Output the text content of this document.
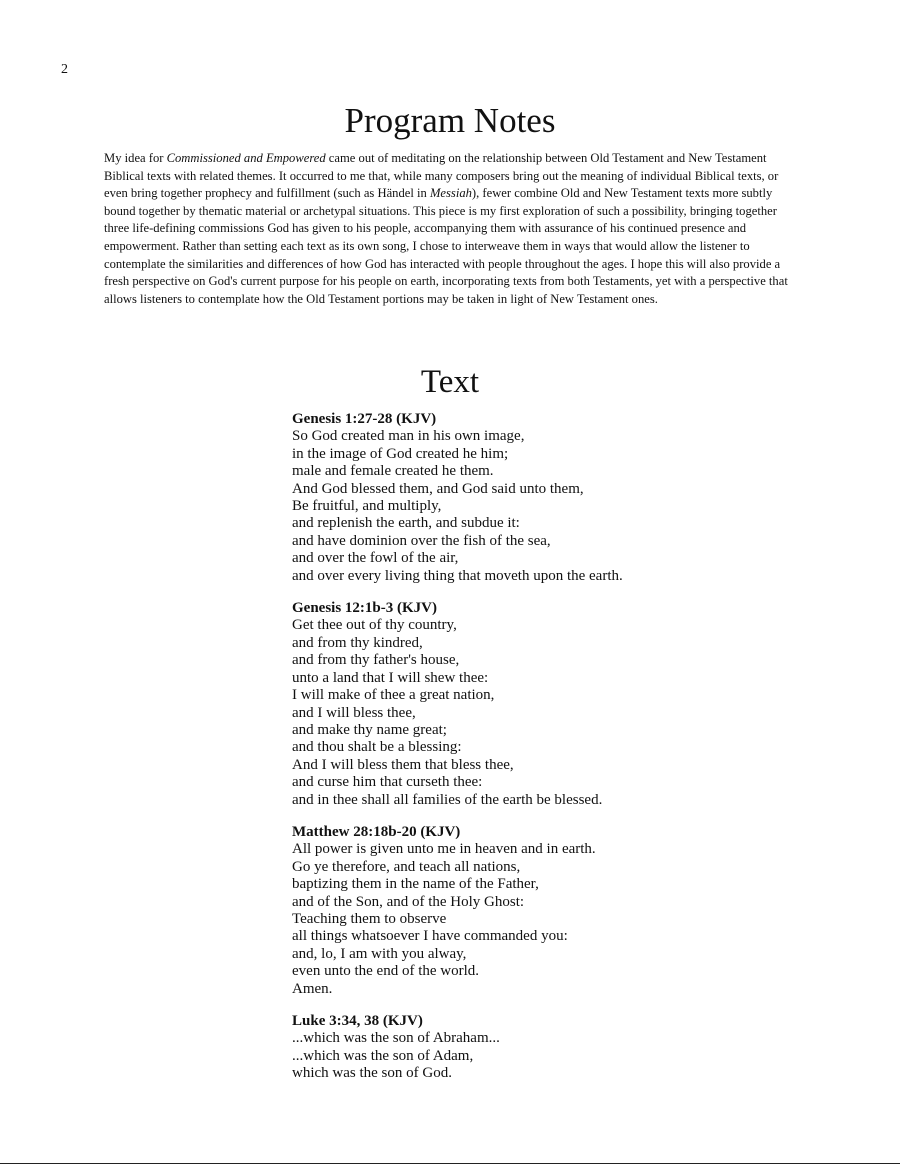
2
Program Notes

My idea for Commissioned and Empowered came out of meditating on the relationship between Old Testament and New Testament Biblical texts with related themes. It occurred to me that, while many composers bring out the meaning of individual Biblical texts, or even bring together prophecy and fulfillment (such as Händel in Messiah), fewer combine Old and New Testament texts more subtly bound together by thematic material or archetypal situations. This piece is my first exploration of such a possibility, bringing together three life-defining commissions God has given to his people, accompanying them with assurance of his continued presence and empowerment. Rather than setting each text as its own song, I chose to interweave them in ways that would allow the listener to contemplate the similarities and differences of how God has interacted with people throughout the ages. I hope this will also provide a fresh perspective on God's current purpose for his people on earth, incorporating texts from both Testaments, yet with a perspective that allows listeners to contemplate how the Old Testament portions may be taken in light of New Testament ones.

Text
Genesis 1:27-28 (KJV)
So God created man in his own image,
in the image of God created he him;
male and female created he them.
And God blessed them, and God said unto them,
Be fruitful, and multiply,
and replenish the earth, and subdue it:
and have dominion over the fish of the sea,
and over the fowl of the air,
and over every living thing that moveth upon the earth.
Genesis 12:1b-3 (KJV)
Get thee out of thy country,
and from thy kindred,
and from thy father's house,
unto a land that I will shew thee:
I will make of thee a great nation,
and I will bless thee,
and make thy name great;
and thou shalt be a blessing:
And I will bless them that bless thee,
and curse him that curseth thee:
and in thee shall all families of the earth be blessed.
Matthew 28:18b-20 (KJV)
All power is given unto me in heaven and in earth.
Go ye therefore, and teach all nations,
baptizing them in the name of the Father,
and of the Son, and of the Holy Ghost:
Teaching them to observe
all things whatsoever I have commanded you:
and, lo, I am with you alway,
even unto the end of the world.
Amen.
Luke 3:34, 38 (KJV)
...which was the son of Abraham...
...which was the son of Adam,
which was the son of God.
